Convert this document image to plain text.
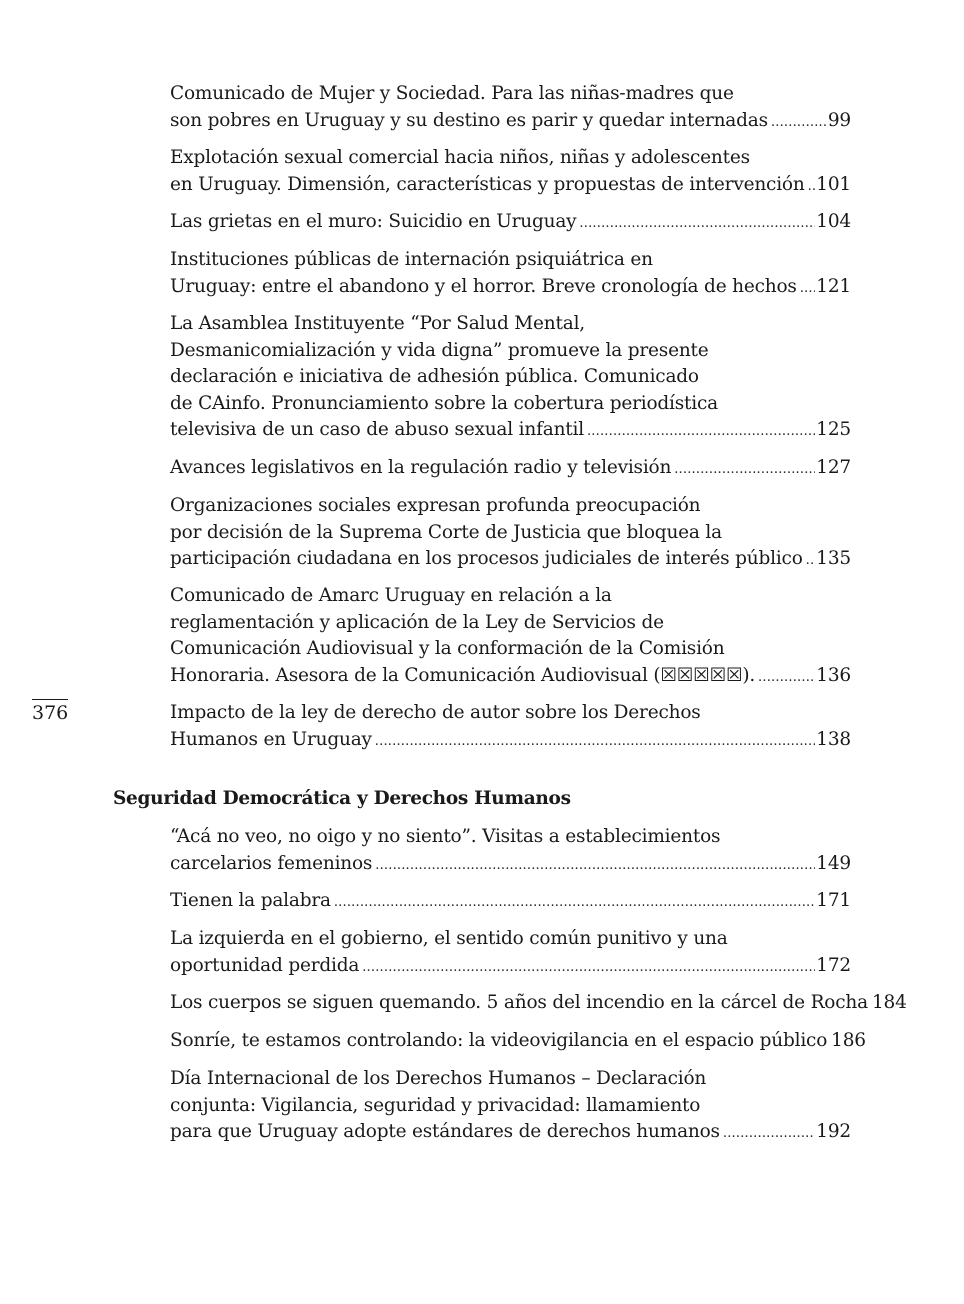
Seguridad Democrática y Derechos Humanos
376
Comunicado de Mujer y Sociedad. Para las niñas-madres que
son pobres en Uruguay y su destino es parir y quedar internadas .....	99
Explotación sexual comercial hacia niños, niñas y adolescentes
en Uruguay. Dimensión, características y propuestas de intervención ..... 101
Las grietas en el muro: Suicidio en Uruguay .....	104
Instituciones públicas de internación psiquiátrica en
Uruguay: entre el abandono y el horror. Breve cronología de hechos ..... 121
La Asamblea Instituyente “Por Salud Mental,
Desmanicomialización y vida digna” promueve la presente
declaración e iniciativa de adhesión pública. Comunicado
de CAinfo. Pronunciamiento sobre la cobertura periodística
televisiva de un caso de abuso sexual infantil .....	125
Avances legislativos en la regulación radio y televisión .....	127
Organizaciones sociales expresan profunda preocupación
por decisión de la Suprema Corte de Justicia que bloquea la
participación ciudadana en los procesos judiciales de interés público ..... 135
Comunicado de Amarc Uruguay en relación a la
reglamentación y aplicación de la Ley de Servicios de
Comunicación Audiovisual y la conformación de la Comisión
Honoraria. Asesora de la Comunicación Audiovisual (☒☒☒☒☒). .....	136
Impacto de la ley de derecho de autor sobre los Derechos
Humanos en Uruguay .....	138
“Acá no veo, no oigo y no siento”. Visitas a establecimientos
carcelarios femeninos .....	149
Tienen la palabra .....	171
La izquierda en el gobierno, el sentido común punitivo y una
oportunidad perdida .....	172
Los cuerpos se siguen quemando. 5 años del incendio en la cárcel de Rocha 184
Sonríe, te estamos controlando: la videovigilancia en el espacio público 186
Día Internacional de los Derechos Humanos – Declaración
conjunta: Vigilancia, seguridad y privacidad: llamamiento
para que Uruguay adopte estándares de derechos humanos .....	192
